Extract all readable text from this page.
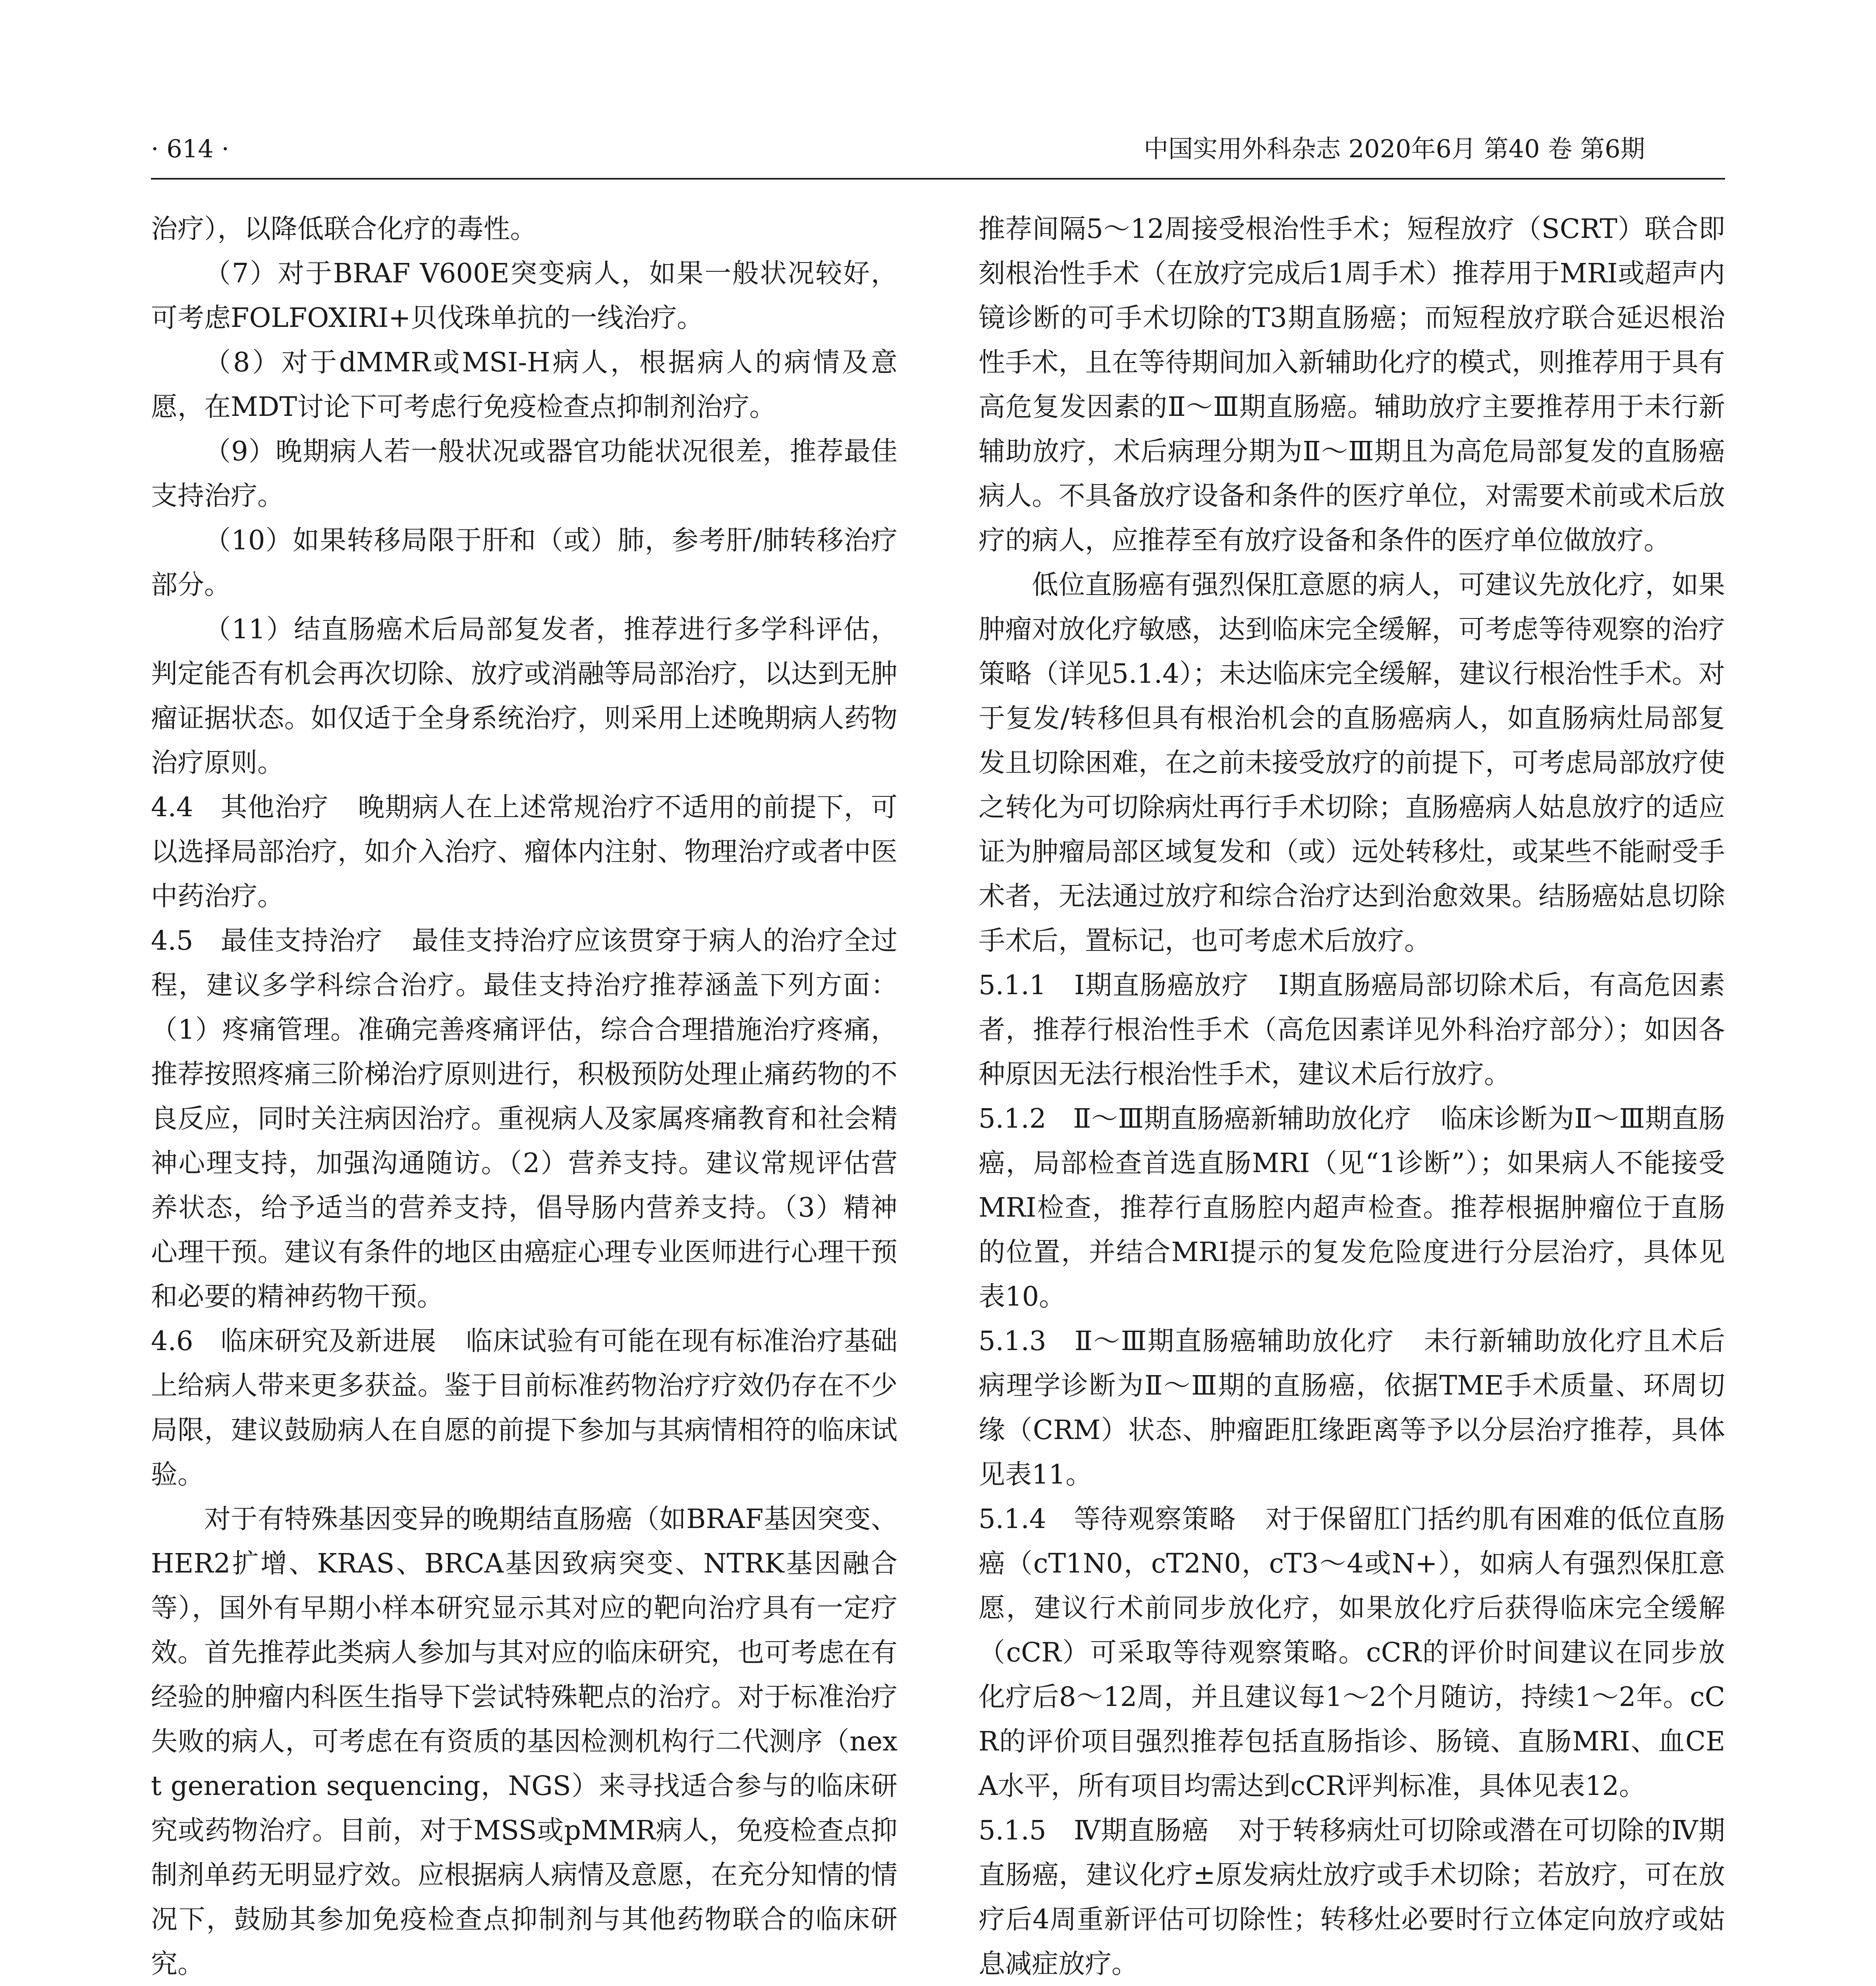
· 614 ·	中国实用外科杂志 2020年6月 第40 卷 第6期

治疗），以降低联合化疗的毒性。

（7）对于BRAF V600E突变病人，如果一般状况较好，可考虑FOLFOXIRI+贝伐珠单抗的一线治疗。

（8）对于dMMR或MSI-H病人，根据病人的病情及意愿，在MDT讨论下可考虑行免疫检查点抑制剂治疗。

（9）晚期病人若一般状况或器官功能状况很差，推荐最佳支持治疗。

（10）如果转移局限于肝和（或）肺，参考肝/肺转移治疗部分。

（11）结直肠癌术后局部复发者，推荐进行多学科评估，判定能否有机会再次切除、放疗或消融等局部治疗，以达到无肿瘤证据状态。如仅适于全身系统治疗，则采用上述晚期病人药物治疗原则。

4.4　其他治疗 晚期病人在上述常规治疗不适用的前提下，可以选择局部治疗，如介入治疗、瘤体内注射、物理治疗或者中医中药治疗。

4.5　最佳支持治疗 最佳支持治疗应该贯穿于病人的治疗全过程，建议多学科综合治疗。最佳支持治疗推荐涵盖下列方面：（1）疼痛管理。准确完善疼痛评估，综合合理措施治疗疼痛，推荐按照疼痛三阶梯治疗原则进行，积极预防处理止痛药物的不良反应，同时关注病因治疗。重视病人及家属疼痛教育和社会精神心理支持，加强沟通随访。（2）营养支持。建议常规评估营养状态，给予适当的营养支持，倡导肠内营养支持。（3）精神心理干预。建议有条件的地区由癌症心理专业医师进行心理干预和必要的精神药物干预。

4.6　临床研究及新进展 临床试验有可能在现有标准治疗基础上给病人带来更多获益。鉴于目前标准药物治疗疗效仍存在不少局限，建议鼓励病人在自愿的前提下参加与其病情相符的临床试验。

对于有特殊基因变异的晚期结直肠癌（如BRAF基因突变、HER2扩增、KRAS、BRCA基因致病突变、NTRK基因融合等），国外有早期小样本研究显示其对应的靶向治疗具有一定疗效。首先推荐此类病人参加与其对应的临床研究，也可考虑在有经验的肿瘤内科医生指导下尝试特殊靶点的治疗。对于标准治疗失败的病人，可考虑在有资质的基因检测机构行二代测序（next generation sequencing，NGS）来寻找适合参与的临床研究或药物治疗。目前，对于MSS或pMMR病人，免疫检查点抑制剂单药无明显疗效。应根据病人病情及意愿，在充分知情的情况下，鼓励其参加免疫检查点抑制剂与其他药物联合的临床研究。

推荐间隔5～12周接受根治性手术；短程放疗（SCRT）联合即刻根治性手术（在放疗完成后1周手术）推荐用于MRI或超声内镜诊断的可手术切除的T3期直肠癌；而短程放疗联合延迟根治性手术，且在等待期间加入新辅助化疗的模式，则推荐用于具有高危复发因素的Ⅱ～Ⅲ期直肠癌。辅助放疗主要推荐用于未行新辅助放疗，术后病理分期为Ⅱ～Ⅲ期且为高危局部复发的直肠癌病人。不具备放疗设备和条件的医疗单位，对需要术前或术后放疗的病人，应推荐至有放疗设备和条件的医疗单位做放疗。

低位直肠癌有强烈保肛意愿的病人，可建议先放化疗，如果肿瘤对放化疗敏感，达到临床完全缓解，可考虑等待观察的治疗策略（详见5.1.4）；未达临床完全缓解，建议行根治性手术。对于复发/转移但具有根治机会的直肠癌病人，如直肠病灶局部复发且切除困难，在之前未接受放疗的前提下，可考虑局部放疗使之转化为可切除病灶再行手术切除；直肠癌病人姑息放疗的适应证为肿瘤局部区域复发和（或）远处转移灶，或某些不能耐受手术者，无法通过放疗和综合治疗达到治愈效果。结肠癌姑息切除手术后，置标记，也可考虑术后放疗。

5.1.1　Ⅰ期直肠癌放疗 Ⅰ期直肠癌局部切除术后，有高危因素者，推荐行根治性手术（高危因素详见外科治疗部分）；如因各种原因无法行根治性手术，建议术后行放疗。

5.1.2　Ⅱ～Ⅲ期直肠癌新辅助放化疗 临床诊断为Ⅱ～Ⅲ期直肠癌，局部检查首选直肠MRI（见“1诊断”）；如果病人不能接受MRI检查，推荐行直肠腔内超声检查。推荐根据肿瘤位于直肠的位置，并结合MRI提示的复发危险度进行分层治疗，具体见表10。

5.1.3　Ⅱ～Ⅲ期直肠癌辅助放化疗 未行新辅助放化疗且术后病理学诊断为Ⅱ～Ⅲ期的直肠癌，依据TME手术质量、环周切缘（CRM）状态、肿瘤距肛缘距离等予以分层治疗推荐，具体见表11。

5.1.4　等待观察策略 对于保留肛门括约肌有困难的低位直肠癌（cT1N0，cT2N0，cT3～4或N+），如病人有强烈保肛意愿，建议行术前同步放化疗，如果放化疗后获得临床完全缓解（cCR）可采取等待观察策略。cCR的评价时间建议在同步放化疗后8～12周，并且建议每1～2个月随访，持续1～2年。cCR的评价项目强烈推荐包括直肠指诊、肠镜、直肠MRI、血CEA水平，所有项目均需达到cCR评判标准，具体见表12。

5.1.5　Ⅳ期直肠癌 对于转移病灶可切除或潜在可切除的Ⅳ期直肠癌，建议化疗±原发病灶放疗或手术切除；若放疗，可在放疗后4周重新评估可切除性；转移灶必要时行立体定向放疗或姑息减症放疗。
